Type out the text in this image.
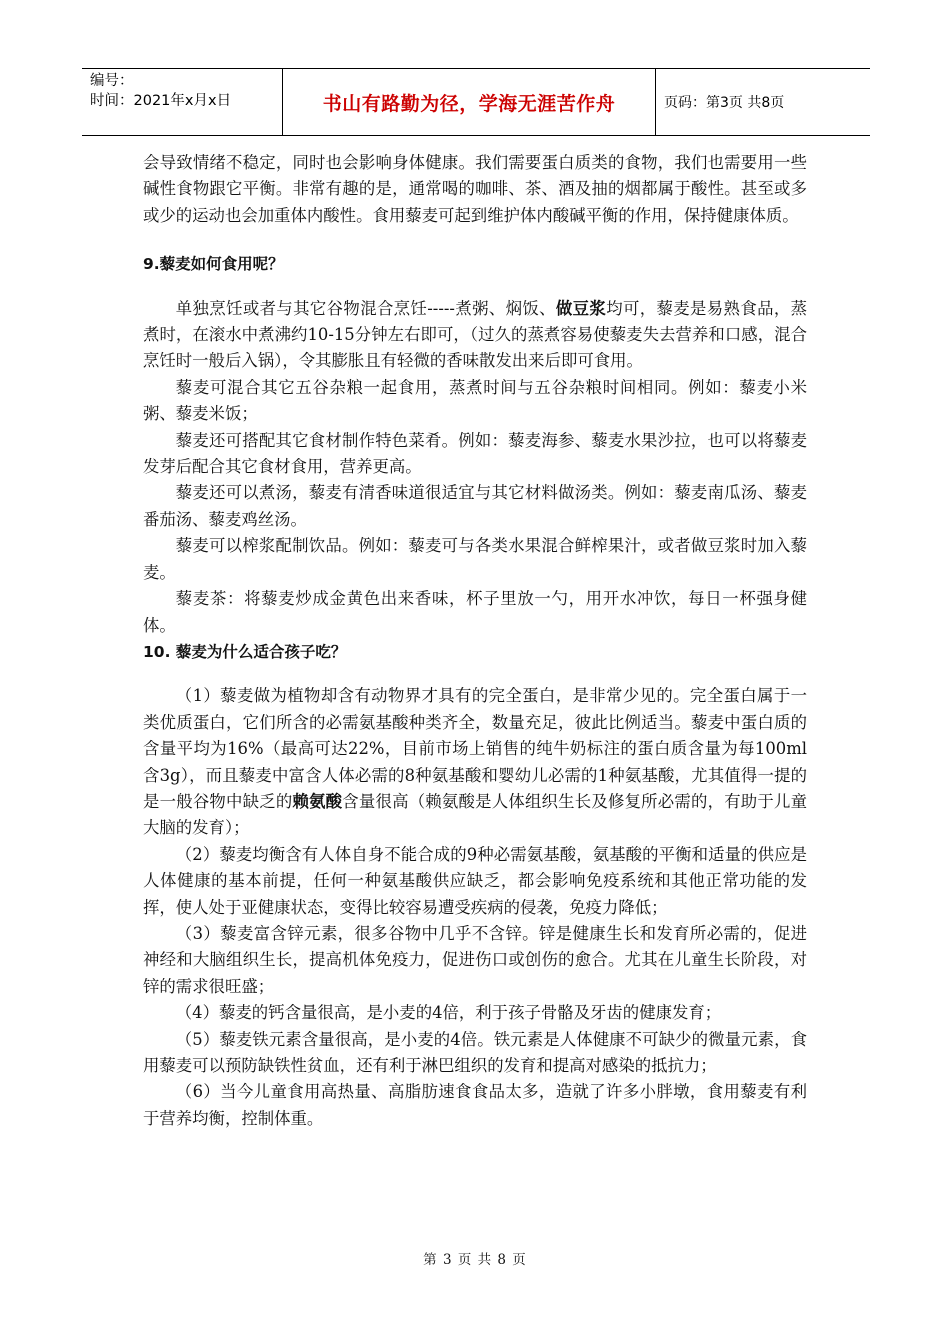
编号：
时间：2021年x月x日	书山有路勤为径，学海无涯苦作舟	页码：第3页 共8页

会导致情绪不稳定，同时也会影响身体健康。我们需要蛋白质类的食物，我们也需要用一些碱性食物跟它平衡。非常有趣的是，通常喝的咖啡、茶、酒及抽的烟都属于酸性。甚至或多或少的运动也会加重体内酸性。食用藜麦可起到维护体内酸碱平衡的作用，保持健康体质。

9.藜麦如何食用呢？

单独烹饪或者与其它谷物混合烹饪-----煮粥、焖饭、做豆浆均可，藜麦是易熟食品，蒸煮时，在滚水中煮沸约10-15分钟左右即可，（过久的蒸煮容易使藜麦失去营养和口感，混合烹饪时一般后入锅），令其膨胀且有轻微的香味散发出来后即可食用。

藜麦可混合其它五谷杂粮一起食用，蒸煮时间与五谷杂粮时间相同。例如：藜麦小米粥、藜麦米饭；

藜麦还可搭配其它食材制作特色菜肴。例如：藜麦海参、藜麦水果沙拉，也可以将藜麦发芽后配合其它食材食用，营养更高。

藜麦还可以煮汤，藜麦有清香味道很适宜与其它材料做汤类。例如：藜麦南瓜汤、藜麦番茄汤、藜麦鸡丝汤。

藜麦可以榨浆配制饮品。例如：藜麦可与各类水果混合鲜榨果汁，或者做豆浆时加入藜麦。

藜麦茶：将藜麦炒成金黄色出来香味，杯子里放一勺，用开水冲饮，每日一杯强身健体。

10. 藜麦为什么适合孩子吃？

（1）藜麦做为植物却含有动物界才具有的完全蛋白，是非常少见的。完全蛋白属于一类优质蛋白，它们所含的必需氨基酸种类齐全，数量充足，彼此比例适当。藜麦中蛋白质的含量平均为16%（最高可达22%，目前市场上销售的纯牛奶标注的蛋白质含量为每100ml含3g），而且藜麦中富含人体必需的8种氨基酸和婴幼儿必需的1种氨基酸，尤其值得一提的是一般谷物中缺乏的赖氨酸含量很高（赖氨酸是人体组织生长及修复所必需的，有助于儿童大脑的发育）；

（2）藜麦均衡含有人体自身不能合成的9种必需氨基酸，氨基酸的平衡和适量的供应是人体健康的基本前提，任何一种氨基酸供应缺乏，都会影响免疫系统和其他正常功能的发挥，使人处于亚健康状态，变得比较容易遭受疾病的侵袭，免疫力降低；

（3）藜麦富含锌元素，很多谷物中几乎不含锌。锌是健康生长和发育所必需的，促进神经和大脑组织生长，提高机体免疫力，促进伤口或创伤的愈合。尤其在儿童生长阶段，对锌的需求很旺盛；

（4）藜麦的钙含量很高，是小麦的4倍，利于孩子骨骼及牙齿的健康发育；

（5）藜麦铁元素含量很高，是小麦的4倍。铁元素是人体健康不可缺少的微量元素，食用藜麦可以预防缺铁性贫血，还有利于淋巴组织的发育和提高对感染的抵抗力；

（6）当今儿童食用高热量、高脂肪速食食品太多，造就了许多小胖墩，食用藜麦有利于营养均衡，控制体重。

第 3 页 共 8 页
